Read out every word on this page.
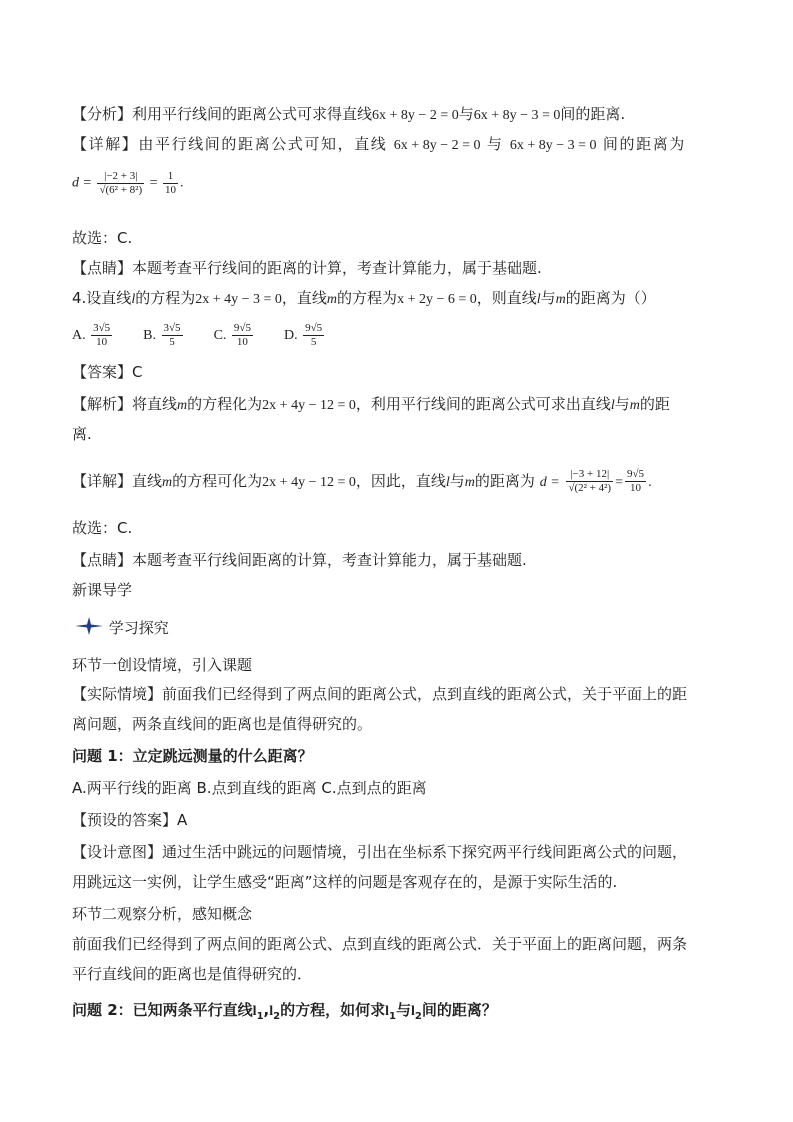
【分析】利用平行线间的距离公式可求得直线6x + 8y − 2 = 0与6x + 8y − 3 = 0间的距离.
【详解】由平行线间的距离公式可知，直线 6x + 8y − 2 = 0 与 6x + 8y − 3 = 0 间的距离为
$d = \frac{|-2 + 3|}{\text{√(6² + 8²)}} = \frac{1}{10}$ .
故选：C.
【点睛】本题考查平行线间的距离的计算，考查计算能力，属于基础题.
4.设直线l的方程为2x + 4y − 3 = 0，直线m的方程为x + 2y − 6 = 0，则直线l与m的距离为（）
A. $\frac{3√5}{10} B$. $\frac{3√5}{5} C$. $\frac{9√5}{10} D$. $\frac{9√5}{5}$
【答案】C
【解析】将直线m的方程化为2x + 4y − 12 = 0，利用平行线间的距离公式可求出直线l与m的距
离.
【详解】直线m的方程可化为2x + 4y − 12 = 0，因此，直线l与m的距离为 $d = \frac{|-3 + 12|}{\text{√(2² + 4²)}} = \frac{9√5}{10}$ .
故选：C.
【点睛】本题考查平行线间距离的计算，考查计算能力，属于基础题.
新课导学
学习探究
环节一创设情境，引入课题
【实际情境】前面我们已经得到了两点间的距离公式，点到直线的距离公式，关于平面上的距
离问题，两条直线间的距离也是值得研究的。
问题 1：立定跳远测量的什么距离？
A.两平行线的距离 B.点到直线的距离 C.点到点的距离
【预设的答案】A
【设计意图】通过生活中跳远的问题情境，引出在坐标系下探究两平行线间距离公式的问题，
用跳远这一实例，让学生感受“距离”这样的问题是客观存在的，是源于实际生活的.
环节二观察分析，感知概念
前面我们已经得到了两点间的距离公式、点到直线的距离公式．关于平面上的距离问题，两条
平行直线间的距离也是值得研究的．
问题 2：已知两条平行直线$l_1,l_2$的方程，如何求$l_1$与$l_2$间的距离？
